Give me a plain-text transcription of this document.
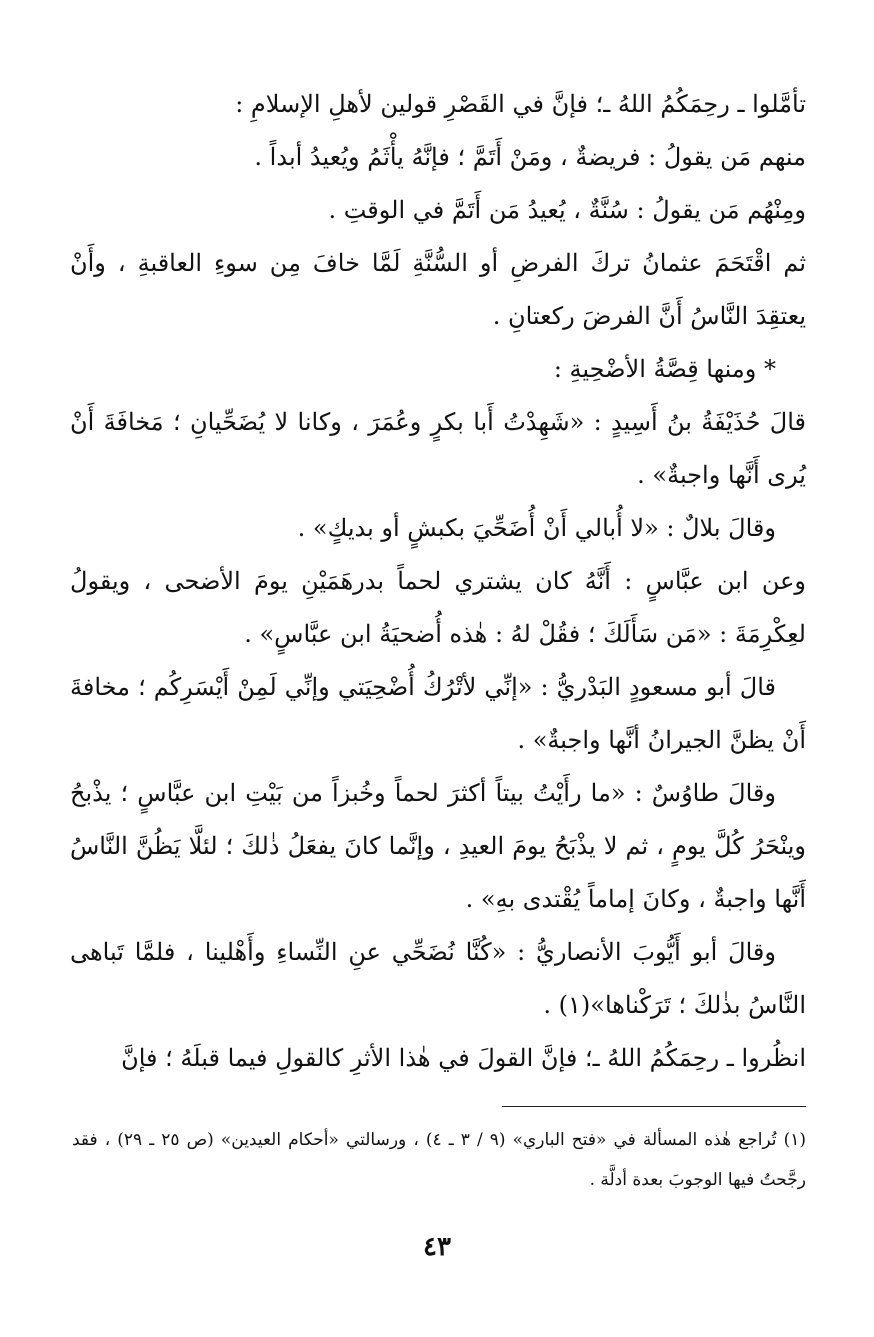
تأمَّلوا ـ رحِمَكُمُ اللهُ ـ؛ فإنَّ في القَصْرِ قولين لأهلِ الإسلامِ :

منهم مَن يقولُ : فريضةٌ ، ومَنْ أَتَمَّ ؛ فإنَّهُ يأْثَمُ ويُعيدُ أبداً .

ومِنْهُم مَن يقولُ : سُنَّةٌ ، يُعيدُ مَن أَتَمَّ في الوقتِ .

ثم اقْتَحَمَ عثمانُ تركَ الفرضِ أو السُّنَّةِ لَمَّا خافَ مِن سوءِ العاقبةِ ، وأَنْ يعتقِدَ النَّاسُ أَنَّ الفرضَ ركعتانِ .

* ومنها قِصَّةُ الأضْحِيةِ :

قالَ حُذَيْفَةُ بنُ أَسِيدٍ : «شَهِدْتُ أَبا بكرٍ وعُمَرَ ، وكانا لا يُضَحِّيانِ ؛ مَخافَةَ أَنْ يُرى أَنَّها واجبةٌ» .

وقالَ بلالٌ : «لا أُبالي أَنْ أُضَحِّيَ بكبشٍ أو بديكٍ» .

وعن ابن عبَّاسٍ : أَنَّهُ كان يشتري لحماً بدرهَمَيْنِ يومَ الأضحى ، ويقولُ لعِكْرِمَةَ : «مَن سَأَلَكَ ؛ فقُلْ لهُ : هٰذه أُضحيَةُ ابن عبَّاسٍ» .

قالَ أبو مسعودٍ البَدْريُّ : «إنِّي لأتْرُكُ أُضْحِيَتي وإنِّي لَمِنْ أَيْسَرِكُم ؛ مخافةَ أَنْ يظنَّ الجيرانُ أنَّها واجبةٌ» .

وقالَ طاوُسٌ : «ما رأَيْتُ بيتاً أكثرَ لحماً وخُبزاً من بَيْتِ ابن عبَّاسٍ ؛ يذْبحُ وينْحَرُ كُلَّ يومٍ ، ثم لا يذْبَحُ يومَ العيدِ ، وإنَّما كانَ يفعَلُ ذٰلكَ ؛ لئلَّا يَظُنَّ النَّاسُ أَنَّها واجبةٌ ، وكانَ إماماً يُقْتدى بهِ» .

وقالَ أبو أَيُّوبَ الأنصاريُّ : «كُنَّا نُضَحِّي عنِ النِّساءِ وأَهْلينا ، فلمَّا تَباهى النَّاسُ بذٰلكَ ؛ تَرَكْناها»(١) .

انظُروا ـ رحِمَكُمُ اللهُ ـ؛ فإنَّ القولَ في هٰذا الأثرِ كالقولِ فيما قبلَهُ ؛ فإنَّ

(١) تُراجع هٰذه المسألة في «فتح الباري» (٩ / ٣ ـ ٤) ، ورسالتي «أحكام العيدين» (ص ٢٥ ـ ٢٩) ، فقد رجَّحتُ فيها الوجوبَ بعدة أدلَّة .

٤٣
